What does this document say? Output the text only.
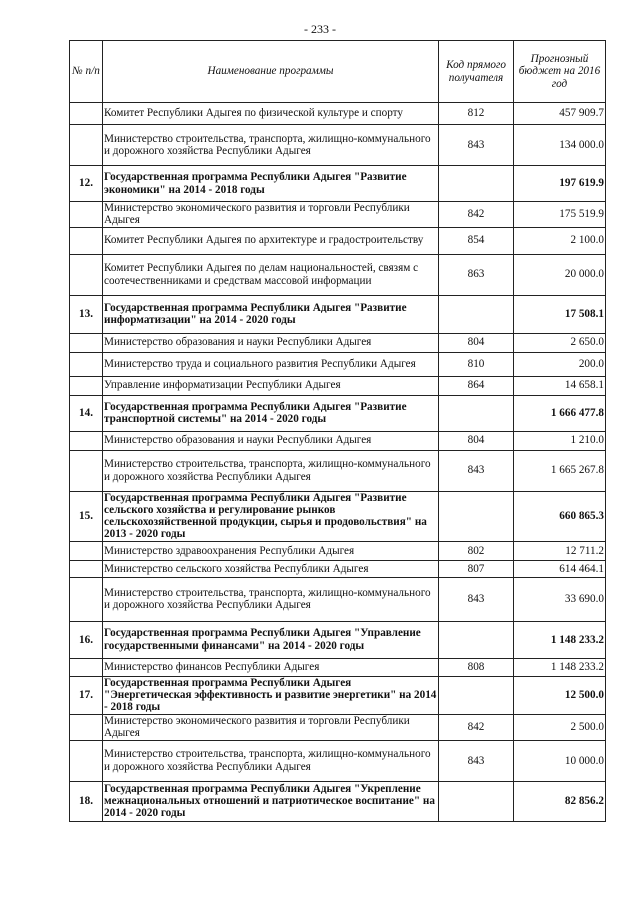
- 233 -
№ п/п	Наименование программы	Код прямого получателя	Прогнозный бюджет на 2016 год
	Комитет Республики Адыгея по физической культуре и спорту	812	457 909.7
	Министерство строительства, транспорта, жилищно-коммунального и дорожного хозяйства Республики Адыгея	843	134 000.0
12.	Государственная программа Республики Адыгея "Развитие экономики" на 2014 - 2018 годы		197 619.9
	Министерство экономического развития и торговли Республики Адыгея	842	175 519.9
	Комитет Республики Адыгея по архитектуре и градостроительству	854	2 100.0
	Комитет Республики Адыгея по делам национальностей, связям с соотечественниками и средствам массовой информации	863	20 000.0
13.	Государственная программа Республики Адыгея "Развитие информатизации" на 2014 - 2020 годы		17 508.1
	Министерство образования и науки Республики Адыгея	804	2 650.0
	Министерство труда и социального развития Республики Адыгея	810	200.0
	Управление информатизации Республики Адыгея	864	14 658.1
14.	Государственная программа Республики Адыгея "Развитие транспортной системы" на 2014 - 2020 годы		1 666 477.8
	Министерство образования и науки Республики Адыгея	804	1 210.0
	Министерство строительства, транспорта, жилищно-коммунального и дорожного хозяйства Республики Адыгея	843	1 665 267.8
15.	Государственная программа Республики Адыгея "Развитие сельского хозяйства и регулирование рынков сельскохозяйственной продукции, сырья и продовольствия" на 2013 - 2020 годы		660 865.3
	Министерство здравоохранения Республики Адыгея	802	12 711.2
	Министерство сельского хозяйства Республики Адыгея	807	614 464.1
	Министерство строительства, транспорта, жилищно-коммунального и дорожного хозяйства Республики Адыгея	843	33 690.0
16.	Государственная программа Республики Адыгея "Управление государственными финансами" на 2014 - 2020 годы		1 148 233.2
	Министерство финансов Республики Адыгея	808	1 148 233.2
17.	Государственная программа Республики Адыгея "Энергетическая эффективность и развитие энергетики" на 2014 - 2018 годы		12 500.0
	Министерство экономического развития и торговли Республики Адыгея	842	2 500.0
	Министерство строительства, транспорта, жилищно-коммунального и дорожного хозяйства Республики Адыгея	843	10 000.0
18.	Государственная программа Республики Адыгея "Укрепление межнациональных отношений и патриотическое воспитание" на 2014 - 2020 годы		82 856.2
